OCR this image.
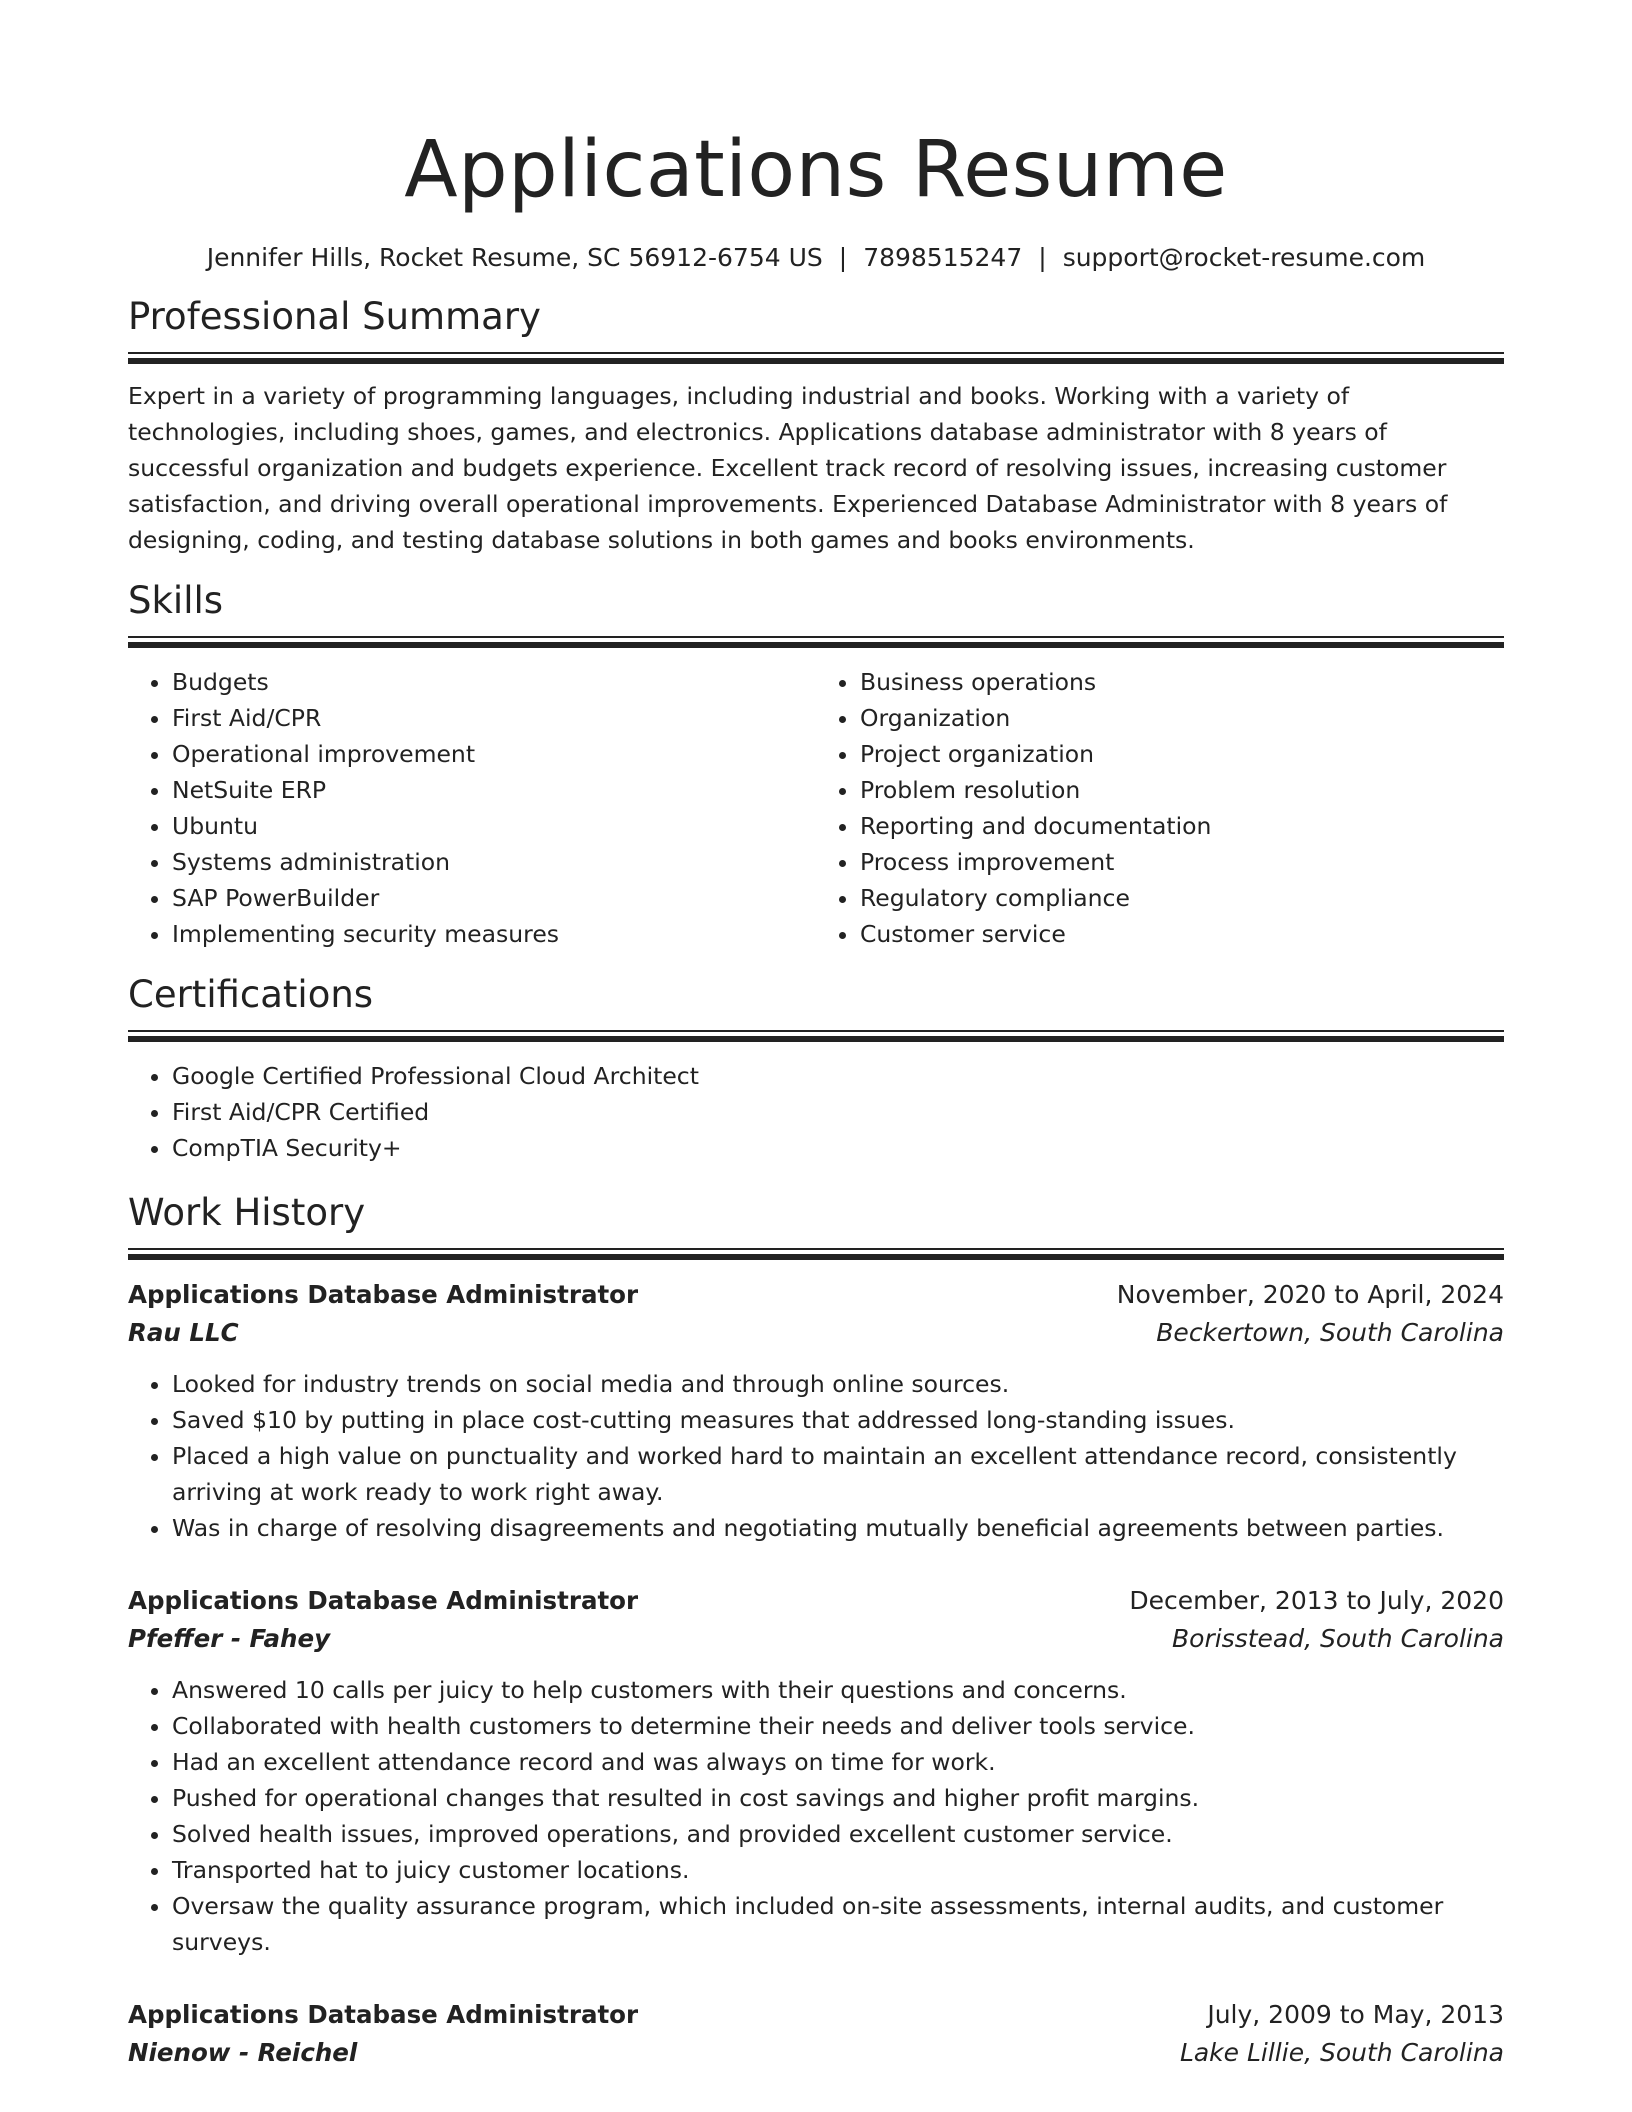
Applications Resume
Jennifer Hills, Rocket Resume, SC 56912-6754 US | 7898515247 | support@rocket-resume.com
Professional Summary
Expert in a variety of programming languages, including industrial and books. Working with a variety of technologies, including shoes, games, and electronics. Applications database administrator with 8 years of successful organization and budgets experience. Excellent track record of resolving issues, increasing customer satisfaction, and driving overall operational improvements. Experienced Database Administrator with 8 years of designing, coding, and testing database solutions in both games and books environments.
Skills
• Budgets
• First Aid/CPR
• Operational improvement
• NetSuite ERP
• Ubuntu
• Systems administration
• SAP PowerBuilder
• Implementing security measures
• Business operations
• Organization
• Project organization
• Problem resolution
• Reporting and documentation
• Process improvement
• Regulatory compliance
• Customer service
Certifications
• Google Certified Professional Cloud Architect
• First Aid/CPR Certified
• CompTIA Security+
Work History
Applications Database Administrator	November, 2020 to April, 2024
Rau LLC	Beckertown, South Carolina
• Looked for industry trends on social media and through online sources.
• Saved $10 by putting in place cost-cutting measures that addressed long-standing issues.
• Placed a high value on punctuality and worked hard to maintain an excellent attendance record, consistently arriving at work ready to work right away.
• Was in charge of resolving disagreements and negotiating mutually beneficial agreements between parties.
Applications Database Administrator	December, 2013 to July, 2020
Pfeffer - Fahey	Borisstead, South Carolina
• Answered 10 calls per juicy to help customers with their questions and concerns.
• Collaborated with health customers to determine their needs and deliver tools service.
• Had an excellent attendance record and was always on time for work.
• Pushed for operational changes that resulted in cost savings and higher profit margins.
• Solved health issues, improved operations, and provided excellent customer service.
• Transported hat to juicy customer locations.
• Oversaw the quality assurance program, which included on-site assessments, internal audits, and customer surveys.
Applications Database Administrator	July, 2009 to May, 2013
Nienow - Reichel	Lake Lillie, South Carolina
